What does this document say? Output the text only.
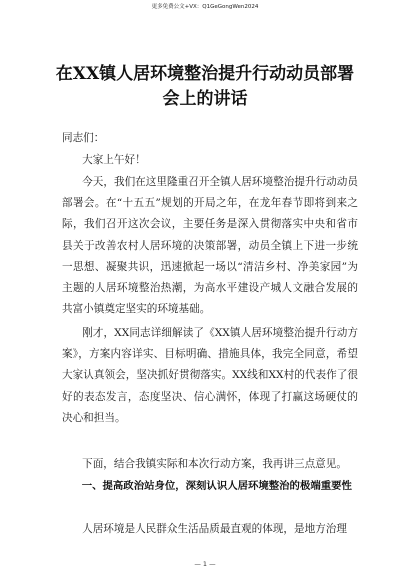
更多免费公文+VX：Q1GeGongWen2024
在XX镇人居环境整治提升行动动员部署
会上的讲话

同志们：

大家上午好！

今天，我们在这里隆重召开全镇人居环境整治提升行动动员部署会。在“十五五”规划的开局之年，在龙年春节即将到来之际，我们召开这次会议，主要任务是深入贯彻落实中央和省市县关于改善农村人居环境的决策部署，动员全镇上下进一步统一思想、凝聚共识，迅速掀起一场以“清洁乡村、净美家园”为主题的人居环境整治热潮，为高水平建设产城人文融合发展的共富小镇奠定坚实的环境基础。

刚才，XX同志详细解读了《XX镇人居环境整治提升行动方案》，方案内容详实、目标明确、措施具体，我完全同意，希望大家认真领会，坚决抓好贯彻落实。XX线和XX村的代表作了很好的表态发言，态度坚决、信心满怀，体现了打赢这场硬仗的决心和担当。

下面，结合我镇实际和本次行动方案，我再讲三点意见。

一、提高政治站身位，深刻认识人居环境整治的极端重要性

人居环境是人民群众生活品质最直观的体现，是地方治理

— 1 —
